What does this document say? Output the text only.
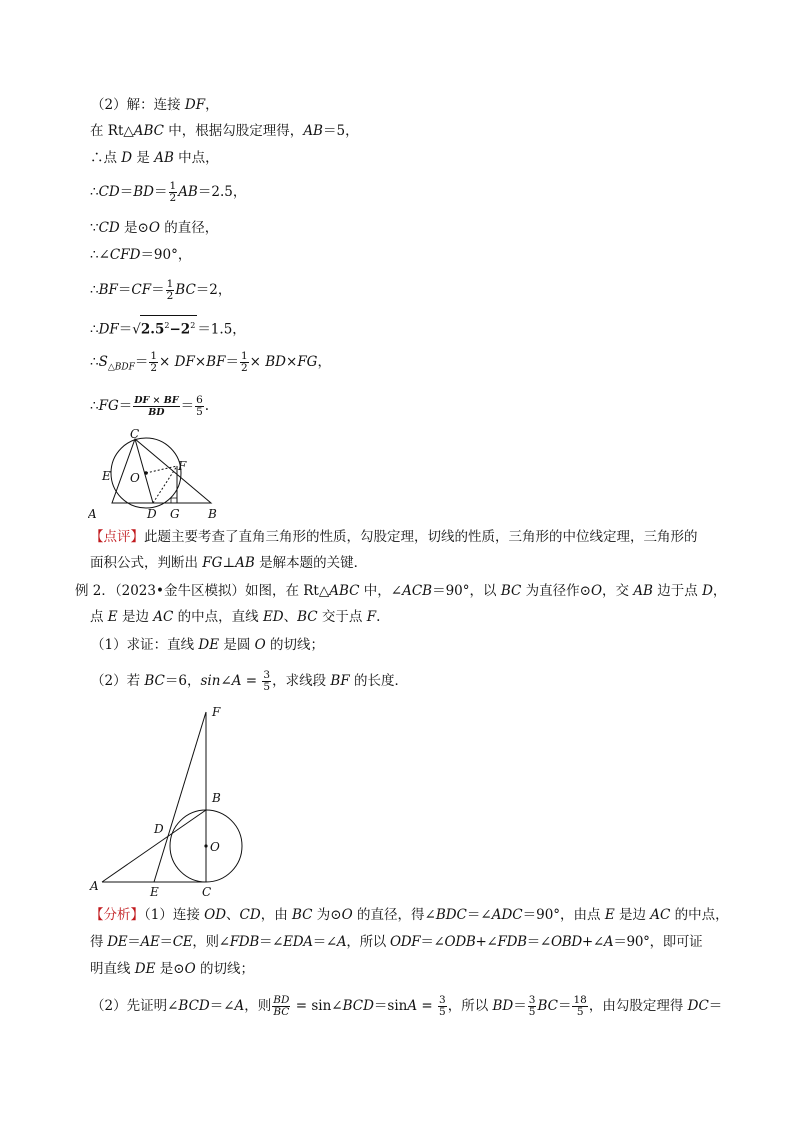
（2）解：连接 DF，
在 Rt△ABC 中，根据勾股定理得，AB＝5，
∴点 D 是 AB 中点，
∴CD＝BD＝ $\frac{1}{2} AB=2.5$，
∵CD 是⊙O 的直径，
∴∠CFD＝90°，
∴BF＝CF＝ $\frac{1}{2} BC=2$，
$\therefore DF=√2.5^2-2^2 =1.5$，
$\therefore S_{\triangle BDF}= \frac{1}{2} \times DF\times BF= \frac{1}{2} \times BD\times FG$，
∴FG＝ $\frac{DF \times BF}{BD} = \frac{6}{5}$ .
C
E O
F
A	D G B
【点评】此题主要考查了直角三角形的性质，勾股定理，切线的性质，三角形的中位线定理，三角形的
面积公式，判断出 FG⊥AB 是解本题的关键．
例 2．（2023•金牛区模拟）如图，在 Rt△ABC 中，∠ACB＝90°，以 BC 为直径作⊙O，交 AB 边于点 D，
点 E 是边 AC 的中点，直线 ED、BC 交于点 F.
（1）求证：直线 DE 是圆 O 的切线；
（2）若 BC＝6，sin∠A = $\frac{3}{5}$ ，求线段 BF 的长度．
F
B
D
O
A	E	C
【分析】（1）连接 OD、CD，由 BC 为⊙O 的直径，得∠BDC＝∠ADC＝90°，由点 E 是边 AC 的中点，
得 DE＝AE＝CE，则∠FDB＝∠EDA＝∠A，所以 ODF＝∠ODB+∠FDB＝∠OBD+∠A＝90°，即可证
明直线 DE 是⊙O 的切线；
（2）先证明∠BCD＝∠A，则 $\frac{BD}{BC}$ = sin∠BCD＝sinA = $\frac{3}{5}$ ，所以 $BD= \frac{3}{5} BC= \frac{18}{5}$ ，由勾股定理得 DC＝
